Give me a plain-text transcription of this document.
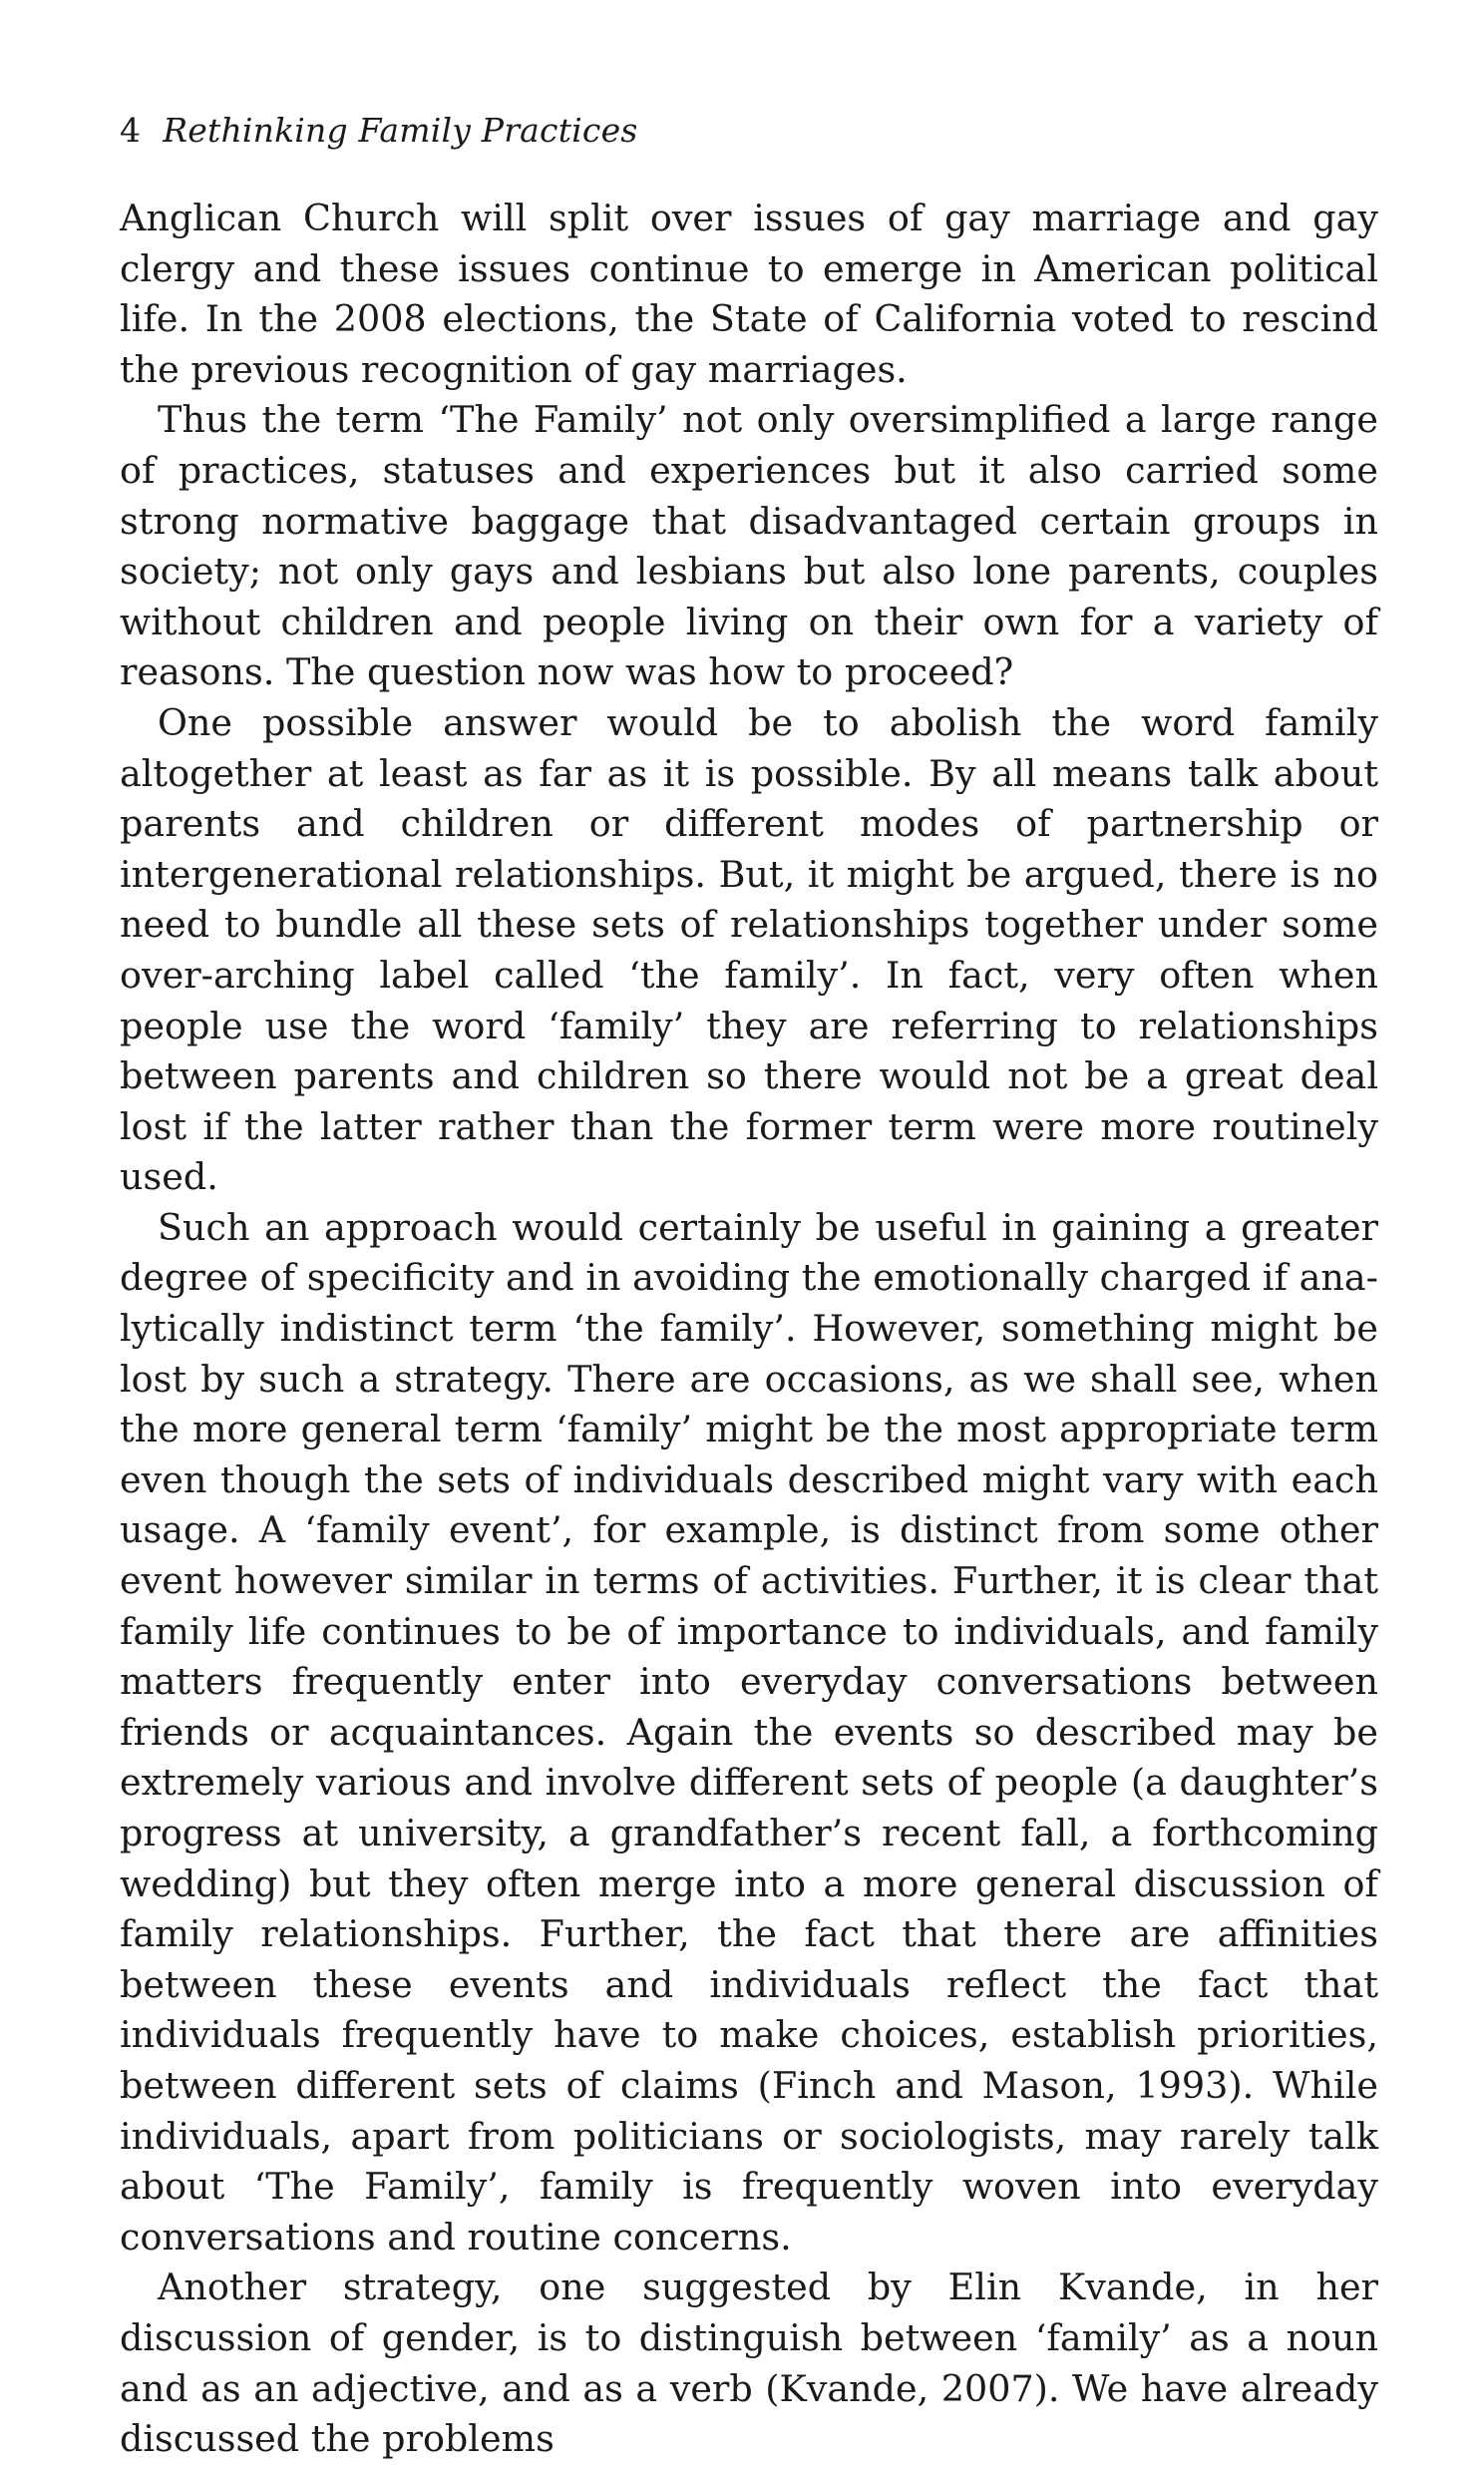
4 Rethinking Family Practices

Anglican Church will split over issues of gay marriage and gay clergy and these issues continue to emerge in American political life. In the 2008 elections, the State of California voted to rescind the previous recognition of gay marriages.

Thus the term ‘The Family’ not only oversimplified a large range of practices, statuses and experiences but it also carried some strong normative baggage that disadvantaged certain groups in society; not only gays and lesbians but also lone parents, couples without children and people living on their own for a variety of reasons. The question now was how to proceed?

One possible answer would be to abolish the word family altogether at least as far as it is possible. By all means talk about parents and children or different modes of partnership or intergenerational relationships. But, it might be argued, there is no need to bundle all these sets of relationships together under some over-arching label called ‘the family’. In fact, very often when people use the word ‘family’ they are referring to relationships between parents and children so there would not be a great deal lost if the latter rather than the former term were more routinely used.

Such an approach would certainly be useful in gaining a greater degree of specificity and in avoiding the emotionally charged if analytically indistinct term ‘the family’. However, something might be lost by such a strategy. There are occasions, as we shall see, when the more general term ‘family’ might be the most appropriate term even though the sets of individuals described might vary with each usage. A ‘family event’, for example, is distinct from some other event however similar in terms of activities. Further, it is clear that family life continues to be of importance to individuals, and family matters frequently enter into everyday conversations between friends or acquaintances. Again the events so described may be extremely various and involve different sets of people (a daughter’s progress at university, a grandfather’s recent fall, a forthcoming wedding) but they often merge into a more general discussion of family relationships. Further, the fact that there are affinities between these events and individuals reflect the fact that individuals frequently have to make choices, establish priorities, between different sets of claims (Finch and Mason, 1993). While individuals, apart from politicians or sociologists, may rarely talk about ‘The Family’, family is frequently woven into everyday conversations and routine concerns.

Another strategy, one suggested by Elin Kvande, in her discussion of gender, is to distinguish between ‘family’ as a noun and as an adjective, and as a verb (Kvande, 2007). We have already discussed the problems
